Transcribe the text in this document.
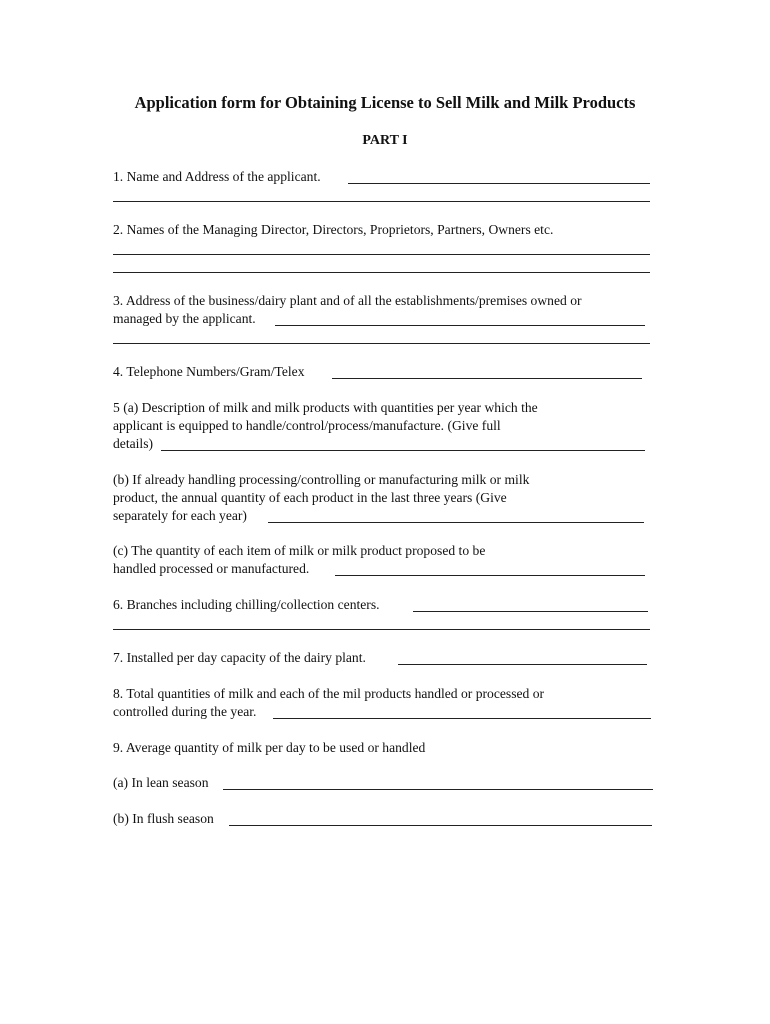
Application form for Obtaining License to Sell Milk and Milk Products
PART I
1. Name and Address of the applicant.
2. Names of the Managing Director, Directors, Proprietors, Partners, Owners etc.
3. Address of the business/dairy plant and of all the establishments/premises owned or
managed by the applicant.
4. Telephone Numbers/Gram/Telex
5 (a) Description of milk and milk products with quantities per year which the
applicant is equipped to handle/control/process/manufacture. (Give full
details)
(b) If already handling processing/controlling or manufacturing milk or milk
product, the annual quantity of each product in the last three years (Give
separately for each year)
(c) The quantity of each item of milk or milk product proposed to be
handled processed or manufactured.
6. Branches including chilling/collection centers.
7. Installed per day capacity of the dairy plant.
8. Total quantities of milk and each of the mil products handled or processed or
controlled during the year.
9. Average quantity of milk per day to be used or handled
(a) In lean season
(b) In flush season
